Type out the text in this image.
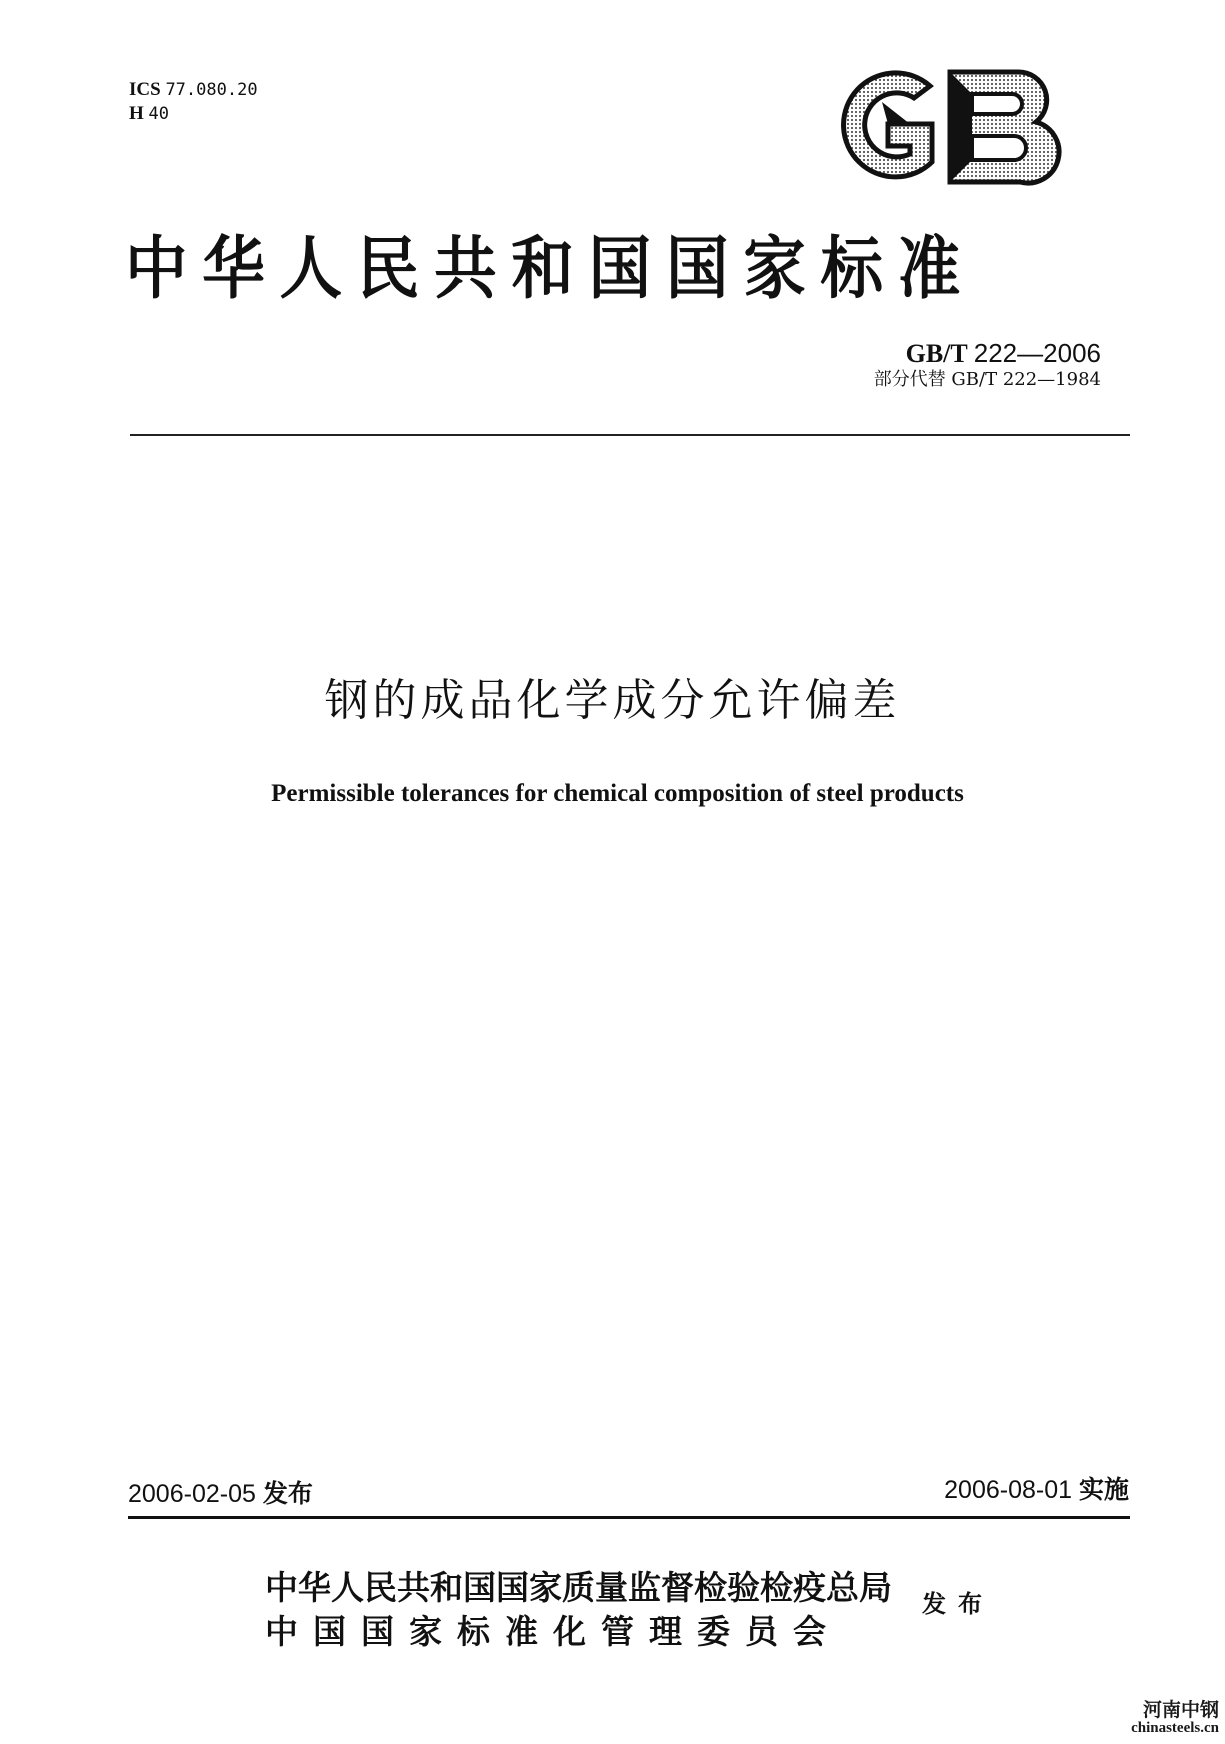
ICS 77.080.20
H 40
中华人民共和国国家标准
GB/T 222—2006
部分代替 GB/T 222—1984
钢的成品化学成分允许偏差
Permissible tolerances for chemical composition of steel products
2006-02-05 发布	2006-08-01 实施
中华人民共和国国家质量监督检验检疫总局
中国国家标准化管理委员会
发布
河南中钢
chinasteels.cn
